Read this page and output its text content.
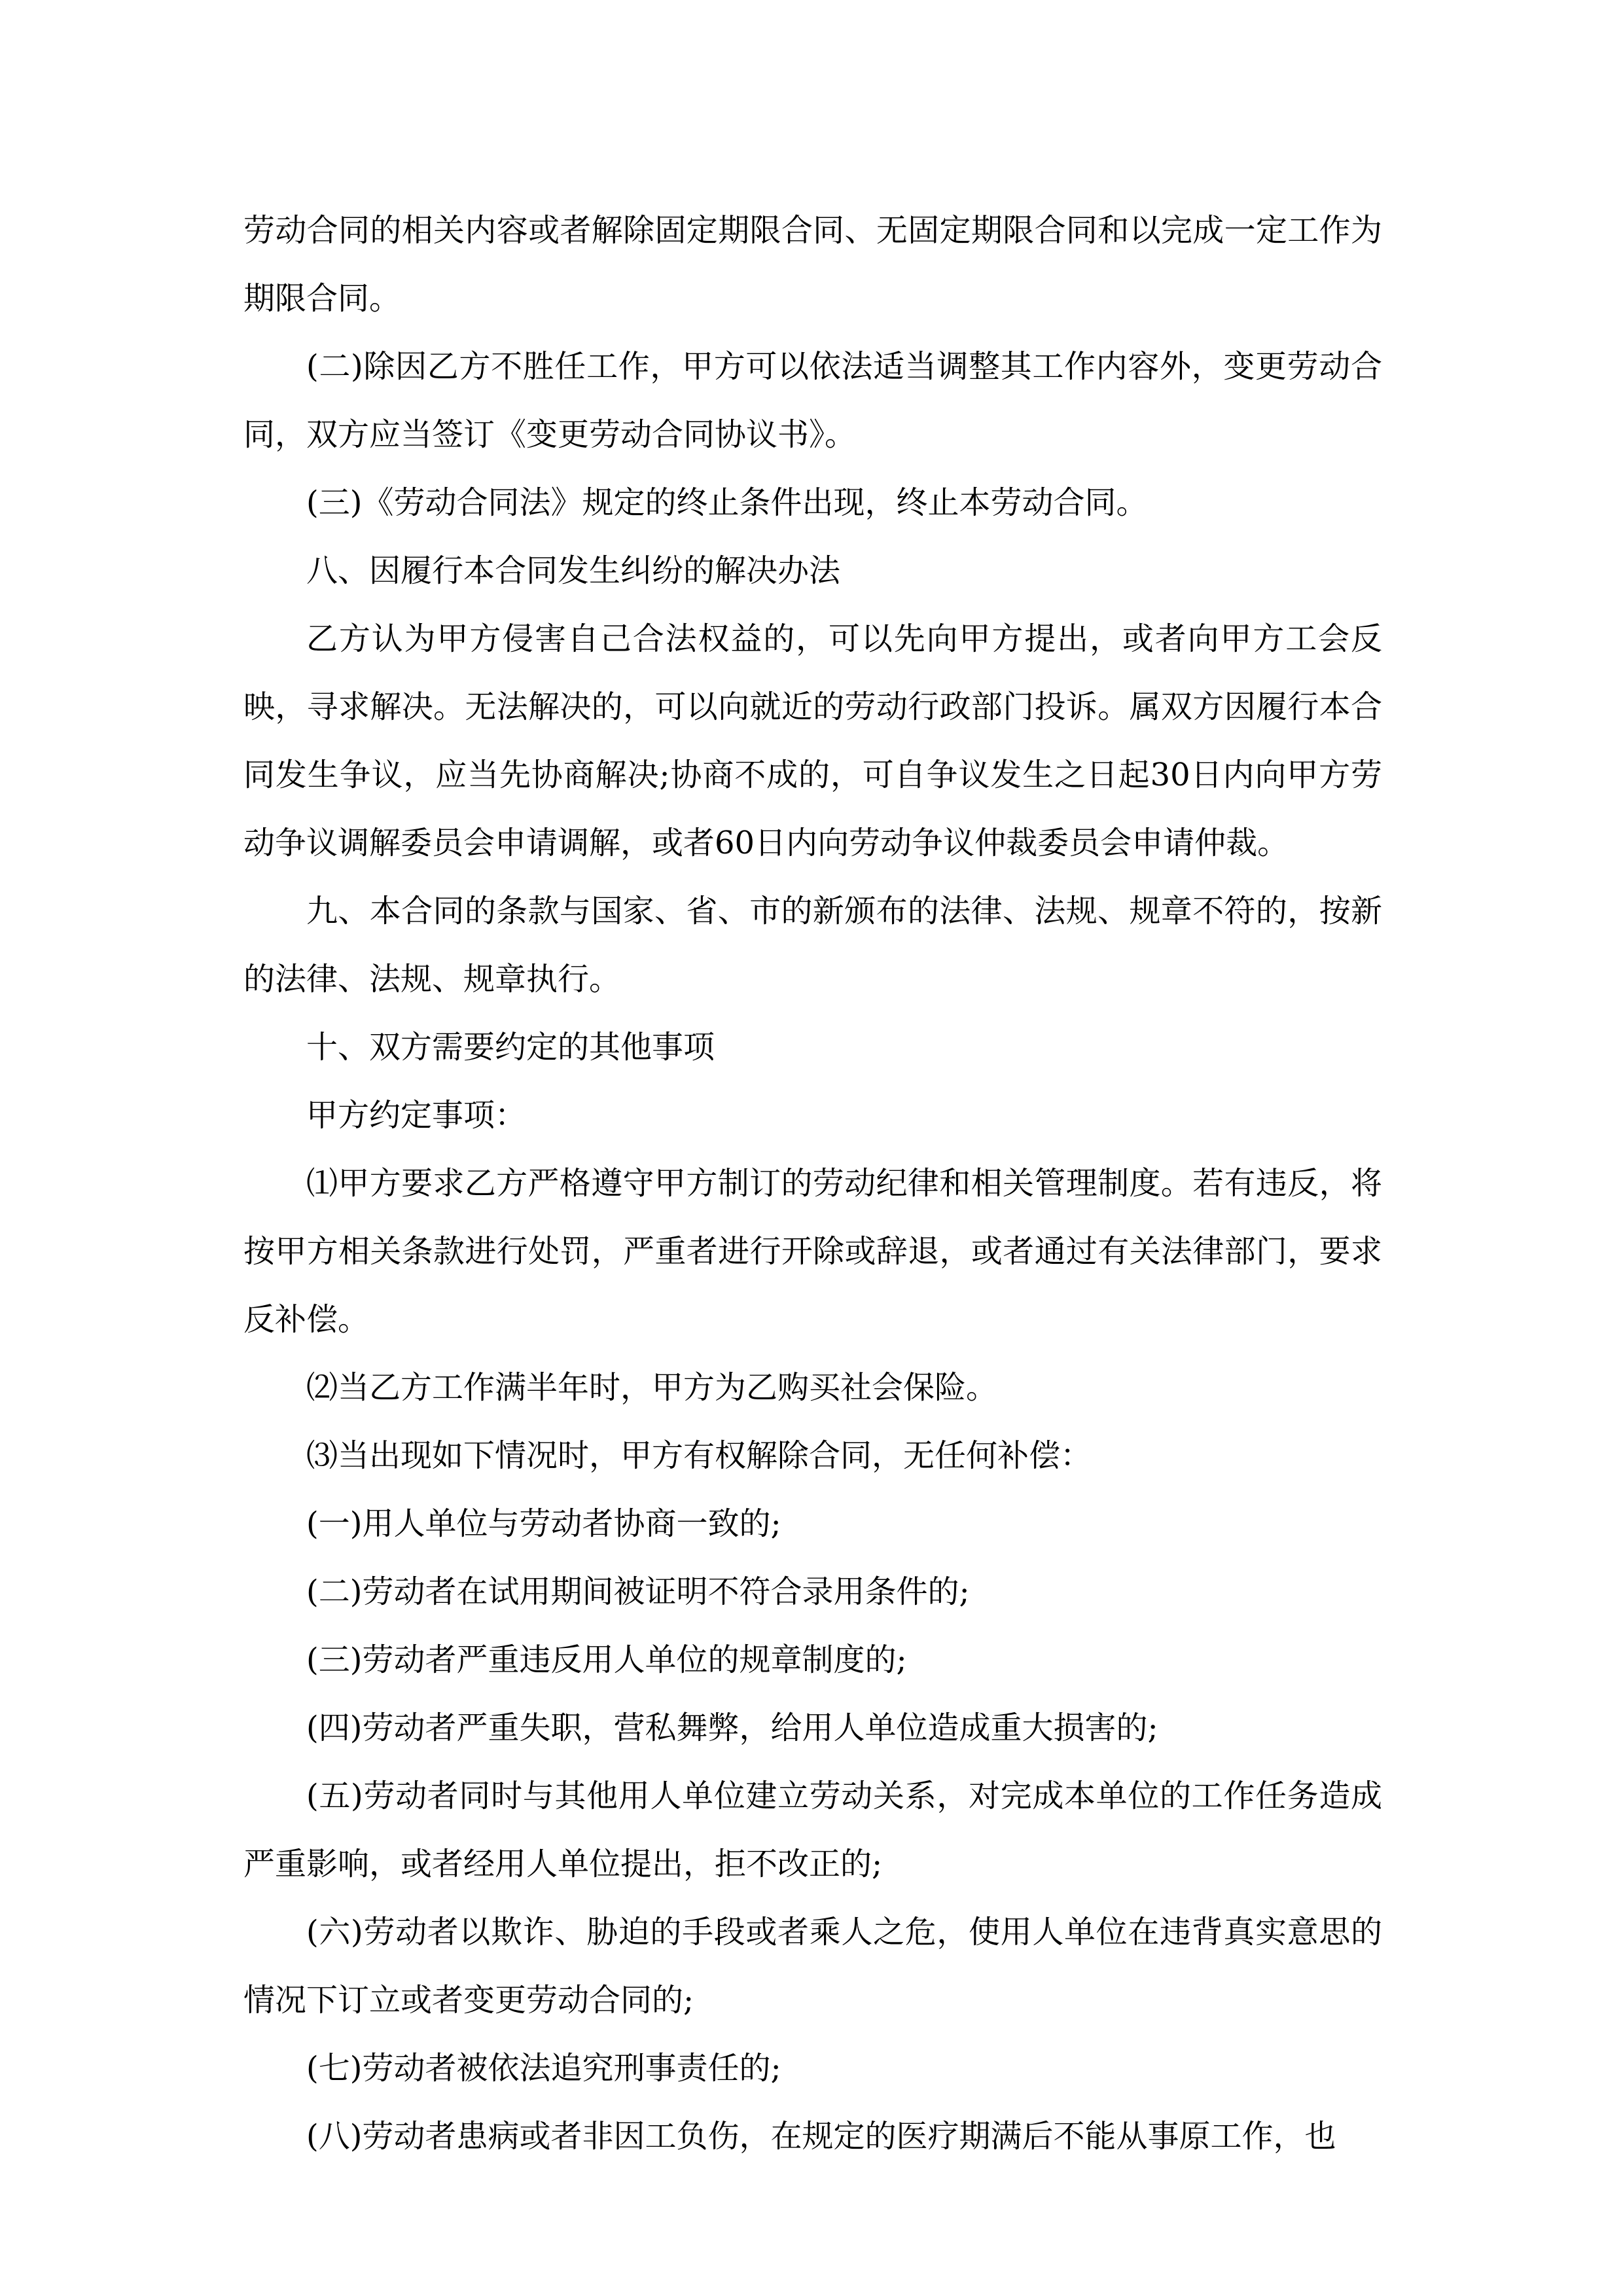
劳动合同的相关内容或者解除固定期限合同、无固定期限合同和以完成一定工作为期限合同。

(二)除因乙方不胜任工作，甲方可以依法适当调整其工作内容外，变更劳动合同，双方应当签订《变更劳动合同协议书》。

(三)《劳动合同法》规定的终止条件出现，终止本劳动合同。

八、因履行本合同发生纠纷的解决办法

乙方认为甲方侵害自己合法权益的，可以先向甲方提出，或者向甲方工会反映，寻求解决。无法解决的，可以向就近的劳动行政部门投诉。属双方因履行本合同发生争议，应当先协商解决;协商不成的，可自争议发生之日起30日内向甲方劳动争议调解委员会申请调解，或者60日内向劳动争议仲裁委员会申请仲裁。

九、本合同的条款与国家、省、市的新颁布的法律、法规、规章不符的，按新的法律、法规、规章执行。

十、双方需要约定的其他事项

甲方约定事项：

⑴甲方要求乙方严格遵守甲方制订的劳动纪律和相关管理制度。若有违反，将按甲方相关条款进行处罚，严重者进行开除或辞退，或者通过有关法律部门，要求反补偿。

⑵当乙方工作满半年时，甲方为乙购买社会保险。

⑶当出现如下情况时，甲方有权解除合同，无任何补偿：

(一)用人单位与劳动者协商一致的;

(二)劳动者在试用期间被证明不符合录用条件的;

(三)劳动者严重违反用人单位的规章制度的;

(四)劳动者严重失职，营私舞弊，给用人单位造成重大损害的;

(五)劳动者同时与其他用人单位建立劳动关系，对完成本单位的工作任务造成严重影响，或者经用人单位提出，拒不改正的;

(六)劳动者以欺诈、胁迫的手段或者乘人之危，使用人单位在违背真实意思的情况下订立或者变更劳动合同的;

(七)劳动者被依法追究刑事责任的;

(八)劳动者患病或者非因工负伤，在规定的医疗期满后不能从事原工作，也
